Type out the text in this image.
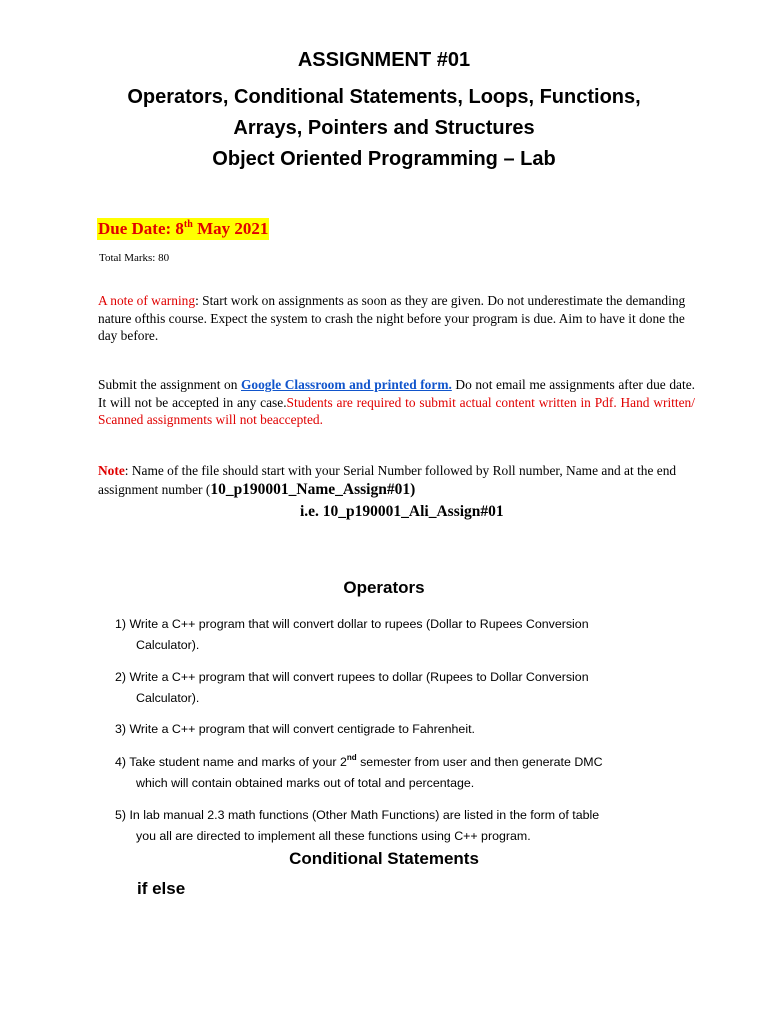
ASSIGNMENT #01
Operators, Conditional Statements, Loops, Functions,
Arrays, Pointers and Structures
Object Oriented Programming – Lab
Due Date: 8th May 2021
Total Marks: 80
A note of warning: Start work on assignments as soon as they are given. Do not underestimate the demanding nature ofthis course. Expect the system to crash the night before your program is due. Aim to have it done the day before.
Submit the assignment on Google Classroom and printed form. Do not email me assignments after due date. It will not be accepted in any case.Students are required to submit actual content written in Pdf. Hand written/ Scanned assignments will not beaccepted.
Note: Name of the file should start with your Serial Number followed by Roll number, Name and at the end assignment number (10_p190001_Name_Assign#01)
i.e. 10_p190001_Ali_Assign#01
Operators
1) Write a C++ program that will convert dollar to rupees (Dollar to Rupees Conversion
Calculator).
2) Write a C++ program that will convert rupees to dollar (Rupees to Dollar Conversion
Calculator).
3) Write a C++ program that will convert centigrade to Fahrenheit.
4) Take student name and marks of your 2nd semester from user and then generate DMC
which will contain obtained marks out of total and percentage.
5) In lab manual 2.3 math functions (Other Math Functions) are listed in the form of table
you all are directed to implement all these functions using C++ program.
Conditional Statements
if else
